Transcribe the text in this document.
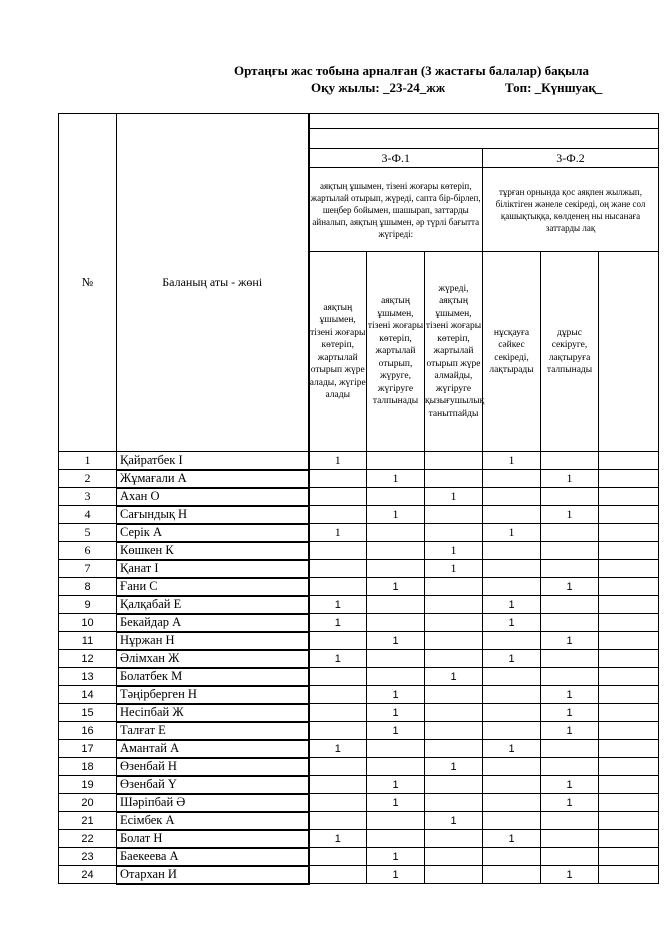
Ортаңғы жас тобына арналған (3 жастағы балалар) бақыла
Оқу жылы: _23-24_жж	Топ: _Күншуақ_
№	Баланың аты - жөні						

		3-Ф.1			3-Ф.2		
		аяқтың ұшымен, тізені жоғары көтеріп, жартылай отырып, жүреді, сапта бір-бірлеп, шеңбер бойымен, шашырап, заттарды айналып, аяқтың ұшымен, әр түрлі бағытта жүгіреді:			тұрған орнында қос аяқпен жылжып, біліктіген жәнеле секіреді, оң және сол қашықтыққа, көлденең ны нысанаға заттарды лақ		
		аяқтың ұшымен, тізені жоғары көтеріп, жартылай отырып жүре алады, жүгіре алады	аяқтың ұшымен, тізені жоғары көтеріп, жартылай отырып, жүруге, жүгіруге талпынады	жүреді, аяқтың ұшымен, тізені жоғары көтеріп, жартылай отырып жүре алмайды, жүгіруге қызығушылық танытпайды	нұсқауға сәйкес секіреді, лақтырады	дұрыс секіруге, лақтыруға талпынады	
1	Қайратбек І	1			1		
2	Жұмағали А		1			1	
3	Ахан О			1			
4	Сағындық Н		1			1	
5	Серік А	1			1		
6	Көшкен К			1			
7	Қанат І			1			
8	Ғани С		1			1	
9	Қалқабай Е	1			1		
10	Бекайдар А	1			1		
11	Нұржан Н		1			1	
12	Әлімхан Ж	1			1		
13	Болатбек М			1			
14	Тәңірберген Н		1			1	
15	Несіпбай Ж		1			1	
16	Талғат Е		1			1	
17	Амантай А	1			1		
18	Өзенбай Н			1			
19	Өзенбай Ү		1			1	
20	Шәріпбай Ә		1			1	
21	Есімбек А			1			
22	Болат Н	1			1		
23	Баекеева А		1				
24	Отархан И		1			1	
